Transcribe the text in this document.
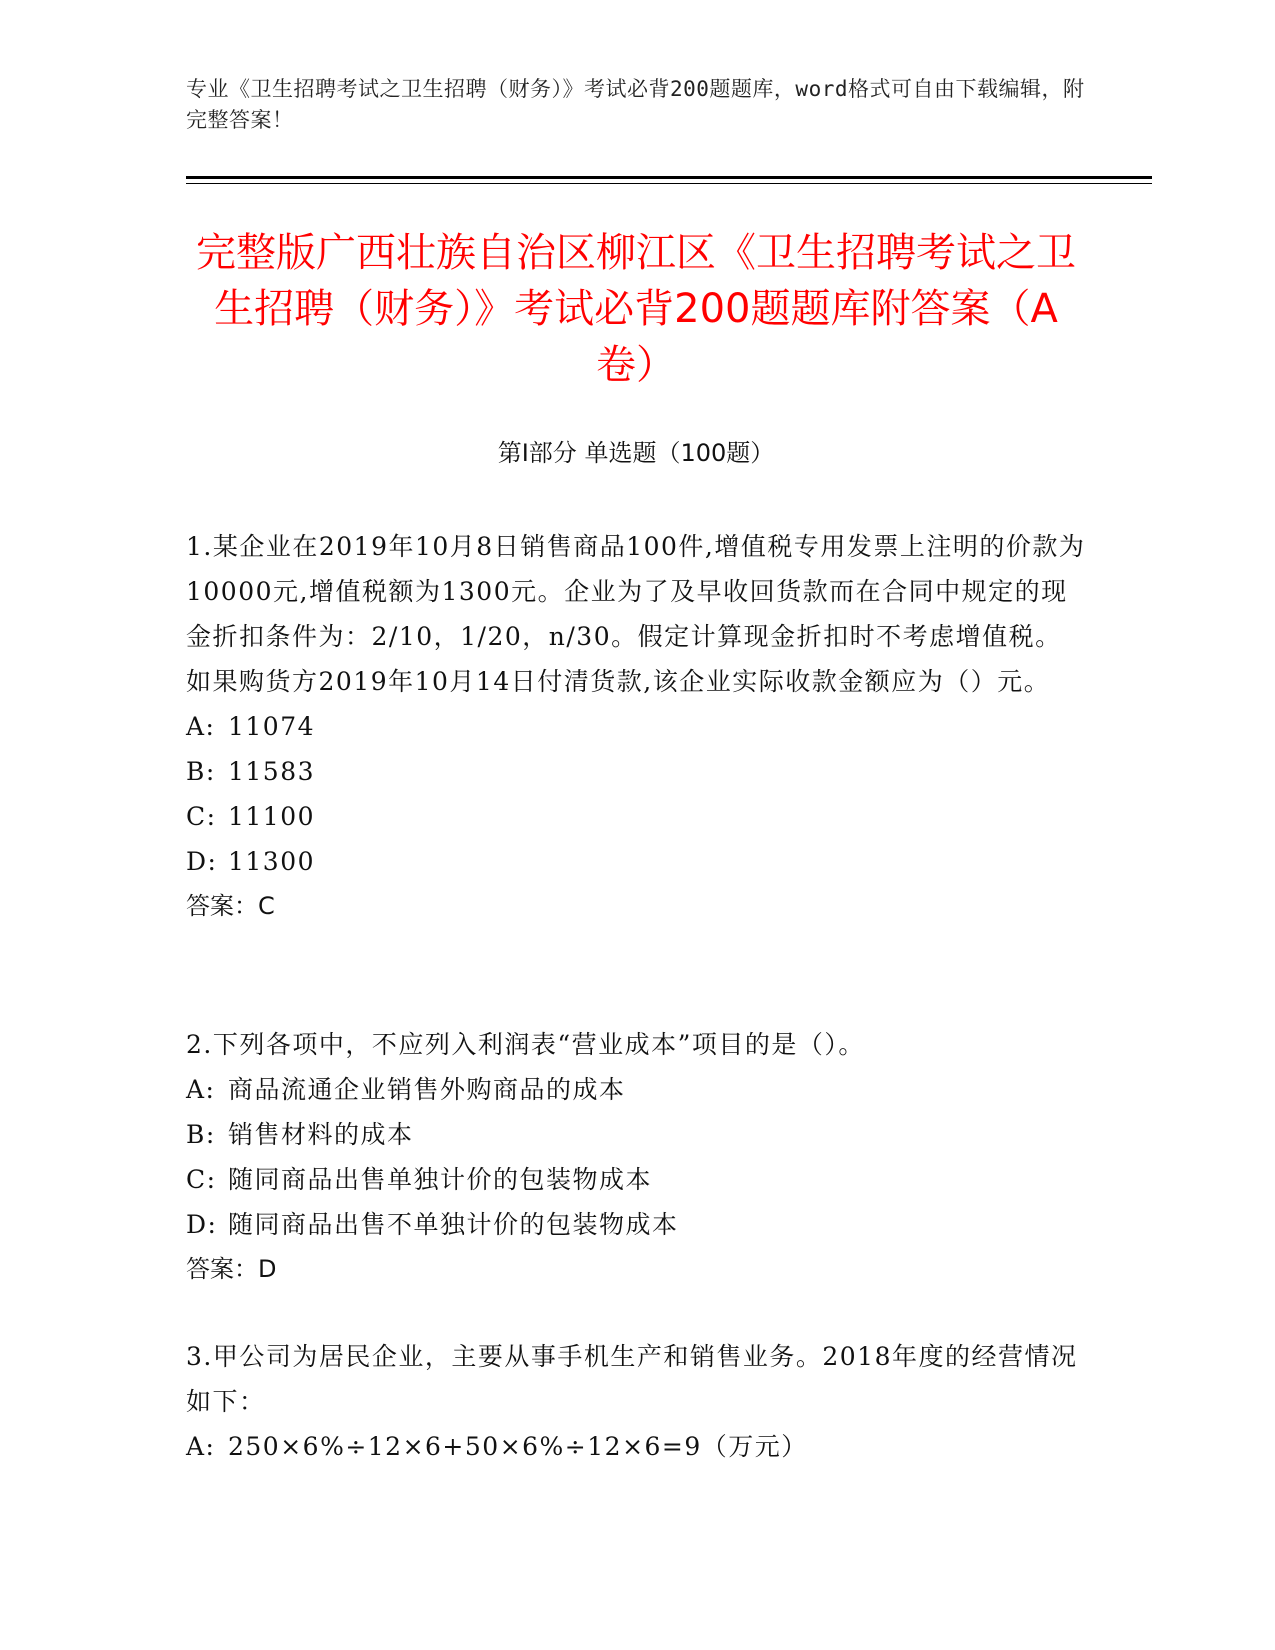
专业《卫生招聘考试之卫生招聘（财务）》考试必背200题题库，word格式可自由下载编辑，附完整答案！
完整版广西壮族自治区柳江区《卫生招聘考试之卫生招聘（财务）》考试必背200题题库附答案（A卷）
第Ⅰ部分 单选题（100题）
1.某企业在2019年10月8日销售商品100件,增值税专用发票上注明的价款为10000元,增值税额为1300元。企业为了及早收回货款而在合同中规定的现金折扣条件为：2/10，1/20，n/30。假定计算现金折扣时不考虑增值税。如果购货方2019年10月14日付清货款,该企业实际收款金额应为（）元。
A: 11074
B: 11583
C: 11100
D: 11300
答案：C
2.下列各项中，不应列入利润表“营业成本”项目的是（）。
A: 商品流通企业销售外购商品的成本
B: 销售材料的成本
C: 随同商品出售单独计价的包装物成本
D: 随同商品出售不单独计价的包装物成本
答案：D
3.甲公司为居民企业，主要从事手机生产和销售业务。2018年度的经营情况如下：
A: 250×6%÷12×6+50×6%÷12×6=9（万元）
